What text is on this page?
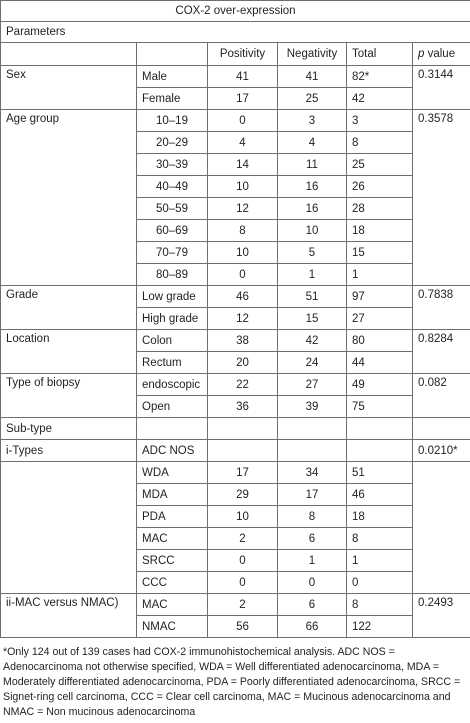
COX-2 over-expression					
Parameters					
		Positivity	Negativity	Total	p value
Sex	Male	41	41	82*	0.3144
	Female	17	25	42	
Age group	10–19	0	3	3	0.3578
	20–29	4	4	8	
	30–39	14	11	25	
	40–49	10	16	26	
	50–59	12	16	28	
	60–69	8	10	18	
	70–79	10	5	15	
	80–89	0	1	1	
Grade	Low grade	46	51	97	0.7838
	High grade	12	15	27	
Location	Colon	38	42	80	0.8284
	Rectum	20	24	44	
Type of biopsy	endoscopic	22	27	49	0.082
	Open	36	39	75	
Sub-type					
i-Types	ADC NOS				0.0210*
	WDA	17	34	51	
	MDA	29	17	46	
	PDA	10	8	18	
	MAC	2	6	8	
	SRCC	0	1	1	
	CCC	0	0	0	
ii-MAC versus NMAC)	MAC	2	6	8	0.2493
	NMAC	56	66	122	
*Only 124 out of 139 cases had COX-2 immunohistochemical analysis. ADC NOS = Adenocarcinoma not otherwise specified, WDA = Well differentiated adenocarcinoma, MDA = Moderately differentiated adenocarcinoma, PDA = Poorly differentiated adenocarcinoma, SRCC = Signet-ring cell carcinoma, CCC = Clear cell carcinoma, MAC = Mucinous adenocarcinoma and NMAC = Non mucinous adenocarcinoma
